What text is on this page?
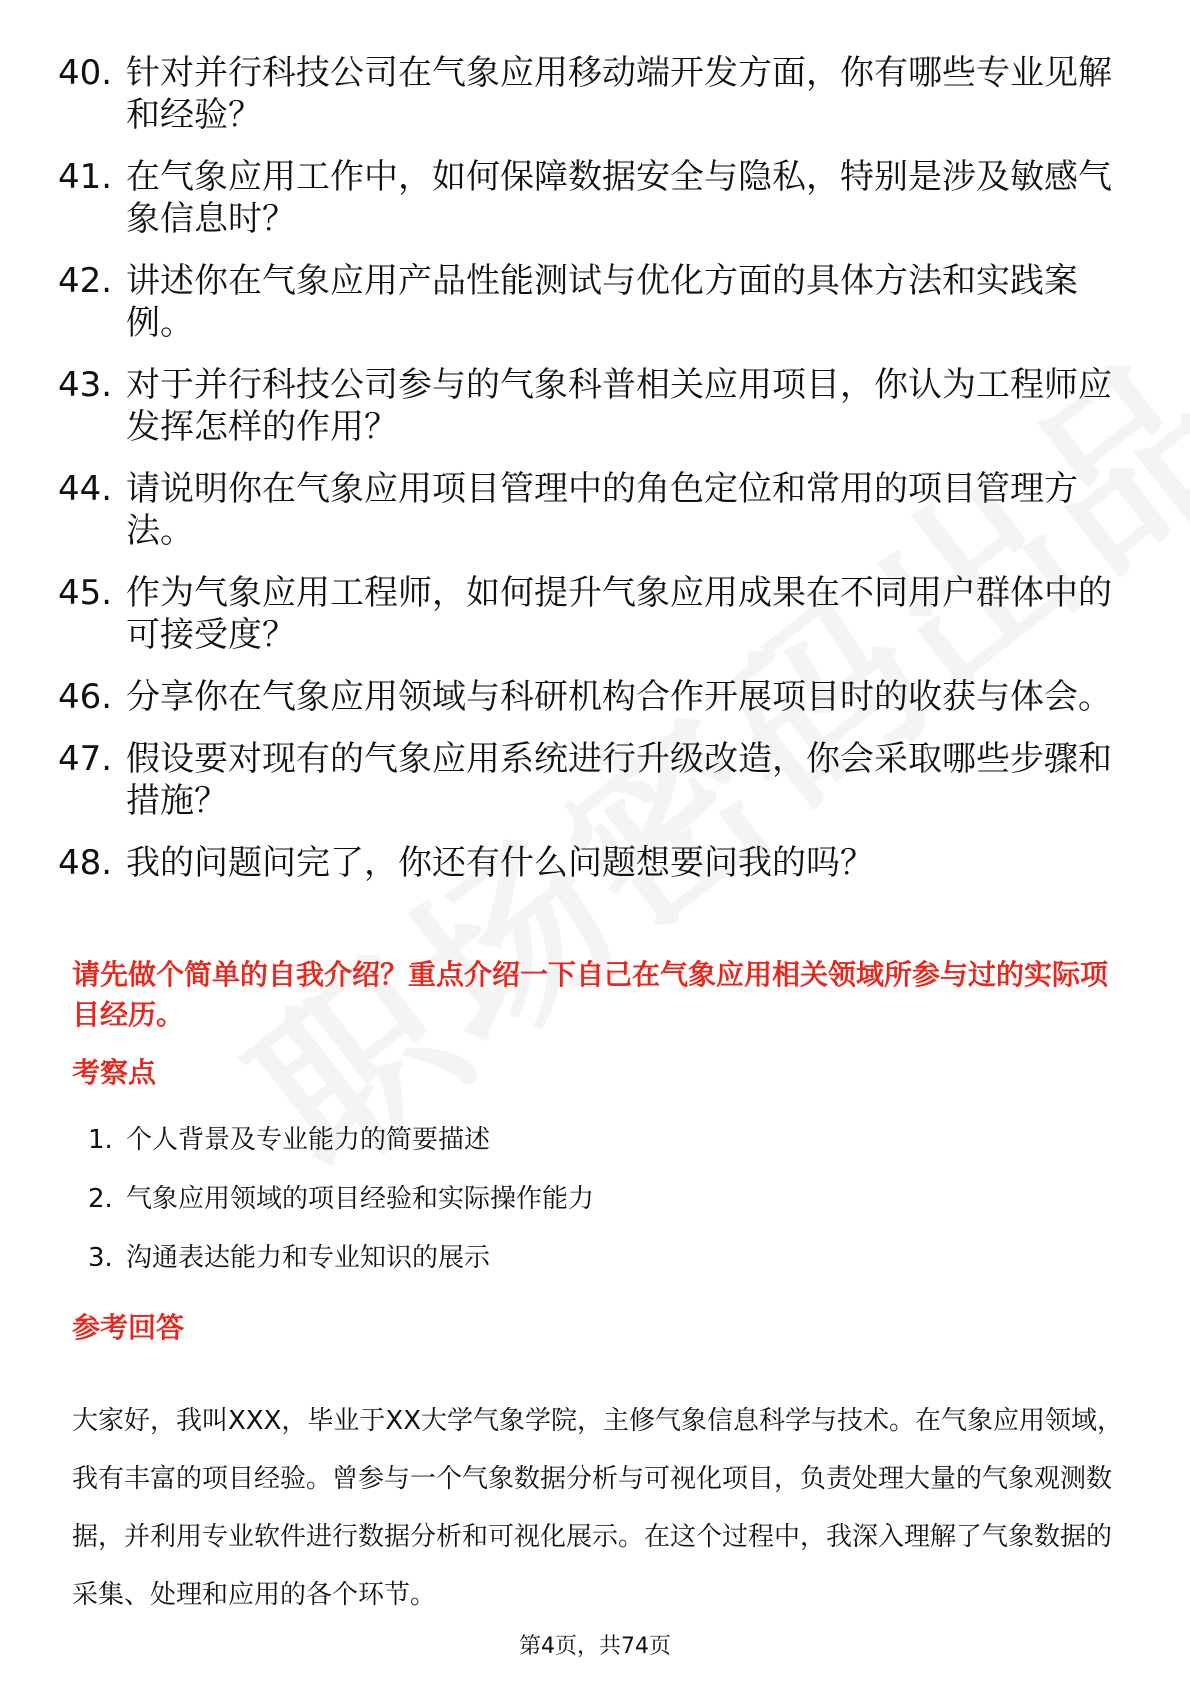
40. 针对并行科技公司在气象应用移动端开发方面，你有哪些专业见解和经验？
41. 在气象应用工作中，如何保障数据安全与隐私，特别是涉及敏感气象信息时？
42. 讲述你在气象应用产品性能测试与优化方面的具体方法和实践案例。
43. 对于并行科技公司参与的气象科普相关应用项目，你认为工程师应发挥怎样的作用？
44. 请说明你在气象应用项目管理中的角色定位和常用的项目管理方法。
45. 作为气象应用工程师，如何提升气象应用成果在不同用户群体中的可接受度？
46. 分享你在气象应用领域与科研机构合作开展项目时的收获与体会。
47. 假设要对现有的气象应用系统进行升级改造，你会采取哪些步骤和措施？
48. 我的问题问完了，你还有什么问题想要问我的吗？
请先做个简单的自我介绍？重点介绍一下自己在气象应用相关领域所参与过的实际项目经历。
考察点
1. 个人背景及专业能力的简要描述
2. 气象应用领域的项目经验和实际操作能力
3. 沟通表达能力和专业知识的展示
参考回答
大家好，我叫XXX，毕业于XX大学气象学院，主修气象信息科学与技术。在气象应用领域，我有丰富的项目经验。曾参与一个气象数据分析与可视化项目，负责处理大量的气象观测数据，并利用专业软件进行数据分析和可视化展示。在这个过程中，我深入理解了气象数据的采集、处理和应用的各个环节。
第4页，共74页
